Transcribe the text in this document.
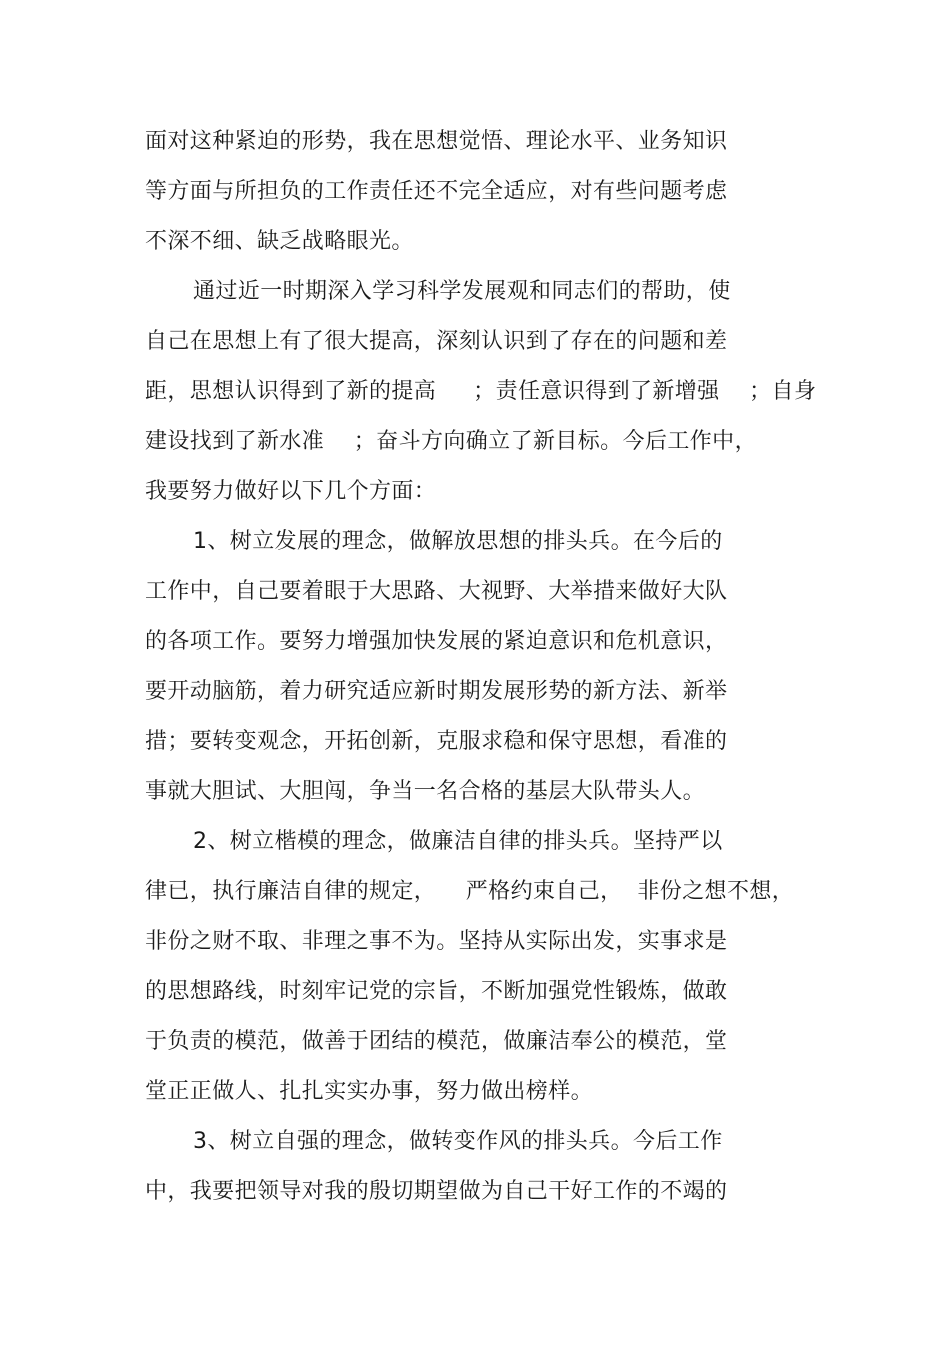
面对这种紧迫的形势，我在思想觉悟、理论水平、业务知识
等方面与所担负的工作责任还不完全适应，对有些问题考虑
不深不细、缺乏战略眼光。
通过近一时期深入学习科学发展观和同志们的帮助，使
自己在思想上有了很大提高，深刻认识到了存在的问题和差
距，思想认识得到了新的提高     ；责任意识得到了新增强    ；自身
建设找到了新水准    ；奋斗方向确立了新目标。今后工作中，
我要努力做好以下几个方面：
1、树立发展的理念，做解放思想的排头兵。在今后的
工作中，自己要着眼于大思路、大视野、大举措来做好大队
的各项工作。要努力增强加快发展的紧迫意识和危机意识，
要开动脑筋，着力研究适应新时期发展形势的新方法、新举
措；要转变观念，开拓创新，克服求稳和保守思想，看准的
事就大胆试、大胆闯，争当一名合格的基层大队带头人。
2、树立楷模的理念，做廉洁自律的排头兵。坚持严以
律已，执行廉洁自律的规定，    严格约束自己，  非份之想不想，
非份之财不取、非理之事不为。坚持从实际出发，实事求是
的思想路线，时刻牢记党的宗旨，不断加强党性锻炼，做敢
于负责的模范，做善于团结的模范，做廉洁奉公的模范，堂
堂正正做人、扎扎实实办事，努力做出榜样。
3、树立自强的理念，做转变作风的排头兵。今后工作
中，我要把领导对我的殷切期望做为自己干好工作的不竭的
